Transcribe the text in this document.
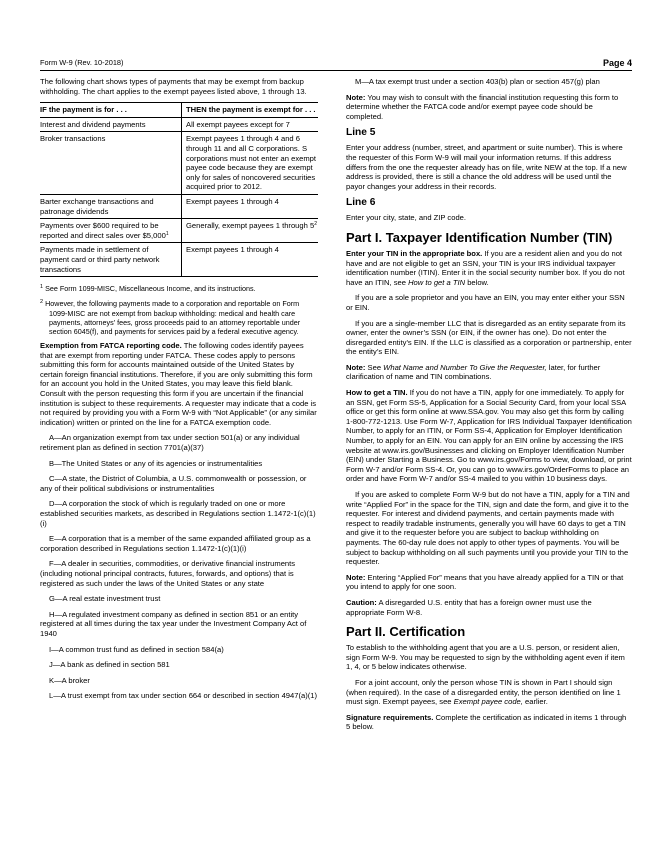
Form W-9 (Rev. 10-2018)	Page 4

The following chart shows types of payments that may be exempt from backup withholding. The chart applies to the exempt payees listed above, 1 through 13.

IF the payment is for . . .	THEN the payment is exempt for . . .
Interest and dividend payments	All exempt payees except for 7
Broker transactions	Exempt payees 1 through 4 and 6 through 11 and all C corporations. S corporations must not enter an exempt payee code because they are exempt only for sales of noncovered securities acquired prior to 2012.
Barter exchange transactions and patronage dividends	Exempt payees 1 through 4
Payments over $600 required to be reported and direct sales over $5,000$^1$	Generally, exempt payees 1 through $5^2$
Payments made in settlement of payment card or third party network transactions	Exempt payees 1 through 4

$^1$ See Form 1099-MISC, Miscellaneous Income, and its instructions.

$^2$ However, the following payments made to a corporation and reportable on Form 1099-MISC are not exempt from backup withholding: medical and health care payments, attorneys' fees, gross proceeds paid to an attorney reportable under section 6045(f), and payments for services paid by a federal executive agency.

Exemption from FATCA reporting code. The following codes identify payees that are exempt from reporting under FATCA. These codes apply to persons submitting this form for accounts maintained outside of the United States by certain foreign financial institutions. Therefore, if you are only submitting this form for an account you hold in the United States, you may leave this field blank. Consult with the person requesting this form if you are uncertain if the financial institution is subject to these requirements. A requester may indicate that a code is not required by providing you with a Form W-9 with “Not Applicable” (or any similar indication) written or printed on the line for a FATCA exemption code.

A—An organization exempt from tax under section 501(a) or any individual retirement plan as defined in section 7701(a)(37)

B—The United States or any of its agencies or instrumentalities

C—A state, the District of Columbia, a U.S. commonwealth or possession, or any of their political subdivisions or instrumentalities

D—A corporation the stock of which is regularly traded on one or more established securities markets, as described in Regulations section 1.1472-1(c)(1)(i)

E—A corporation that is a member of the same expanded affiliated group as a corporation described in Regulations section 1.1472-1(c)(1)(i)

F—A dealer in securities, commodities, or derivative financial instruments (including notional principal contracts, futures, forwards, and options) that is registered as such under the laws of the United States or any state

G—A real estate investment trust

H—A regulated investment company as defined in section 851 or an entity registered at all times during the tax year under the Investment Company Act of 1940

I—A common trust fund as defined in section 584(a)

J—A bank as defined in section 581

K—A broker

L—A trust exempt from tax under section 664 or described in section 4947(a)(1)

M—A tax exempt trust under a section 403(b) plan or section 457(g) plan

Note: You may wish to consult with the financial institution requesting this form to determine whether the FATCA code and/or exempt payee code should be completed.

Line 5

Enter your address (number, street, and apartment or suite number). This is where the requester of this Form W-9 will mail your information returns. If this address differs from the one the requester already has on file, write NEW at the top. If a new address is provided, there is still a chance the old address will be used until the payor changes your address in their records.

Line 6

Enter your city, state, and ZIP code.

Part I. Taxpayer Identification Number (TIN)

Enter your TIN in the appropriate box. If you are a resident alien and you do not have and are not eligible to get an SSN, your TIN is your IRS individual taxpayer identification number (ITIN). Enter it in the social security number box. If you do not have an ITIN, see How to get a TIN below.

If you are a sole proprietor and you have an EIN, you may enter either your SSN or EIN.

If you are a single-member LLC that is disregarded as an entity separate from its owner, enter the owner’s SSN (or EIN, if the owner has one). Do not enter the disregarded entity’s EIN. If the LLC is classified as a corporation or partnership, enter the entity’s EIN.

Note: See What Name and Number To Give the Requester, later, for further clarification of name and TIN combinations.

How to get a TIN. If you do not have a TIN, apply for one immediately. To apply for an SSN, get Form SS-5, Application for a Social Security Card, from your local SSA office or get this form online at www.SSA.gov. You may also get this form by calling 1-800-772-1213. Use Form W-7, Application for IRS Individual Taxpayer Identification Number, to apply for an ITIN, or Form SS-4, Application for Employer Identification Number, to apply for an EIN. You can apply for an EIN online by accessing the IRS website at www.irs.gov/Businesses and clicking on Employer Identification Number (EIN) under Starting a Business. Go to www.irs.gov/Forms to view, download, or print Form W-7 and/or Form SS-4. Or, you can go to www.irs.gov/OrderForms to place an order and have Form W-7 and/or SS-4 mailed to you within 10 business days.

If you are asked to complete Form W-9 but do not have a TIN, apply for a TIN and write “Applied For” in the space for the TIN, sign and date the form, and give it to the requester. For interest and dividend payments, and certain payments made with respect to readily tradable instruments, generally you will have 60 days to get a TIN and give it to the requester before you are subject to backup withholding on payments. The 60-day rule does not apply to other types of payments. You will be subject to backup withholding on all such payments until you provide your TIN to the requester.

Note: Entering “Applied For” means that you have already applied for a TIN or that you intend to apply for one soon.

Caution: A disregarded U.S. entity that has a foreign owner must use the appropriate Form W-8.

Part II. Certification

To establish to the withholding agent that you are a U.S. person, or resident alien, sign Form W-9. You may be requested to sign by the withholding agent even if item 1, 4, or 5 below indicates otherwise.

For a joint account, only the person whose TIN is shown in Part I should sign (when required). In the case of a disregarded entity, the person identified on line 1 must sign. Exempt payees, see Exempt payee code, earlier.

Signature requirements. Complete the certification as indicated in items 1 through 5 below.
